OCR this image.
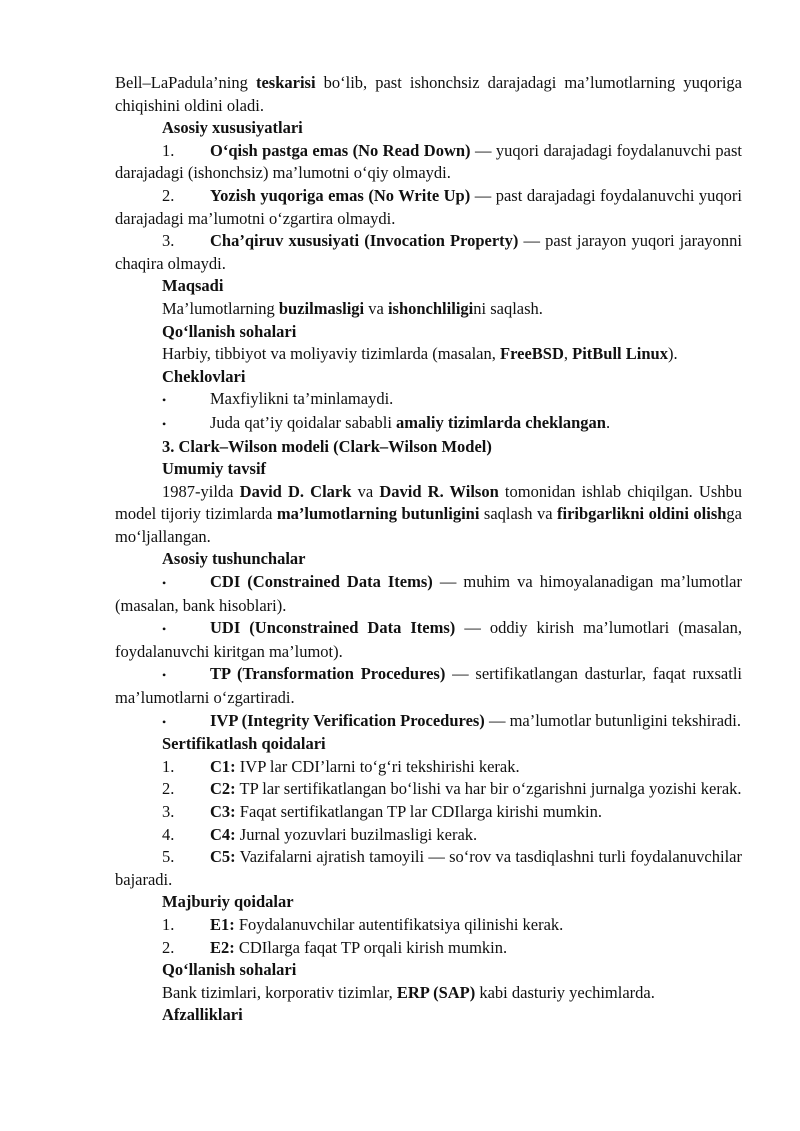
Bell–LaPadula’ning teskarisi bo‘lib, past ishonchsiz darajadagi ma’lumotlarning yuqoriga chiqishini oldini oladi.

Asosiy xususiyatlari

1. O‘qish pastga emas (No Read Down) — yuqori darajadagi foydalanuvchi past darajadagi (ishonchsiz) ma’lumotni o‘qiy olmaydi.

2. Yozish yuqoriga emas (No Write Up) — past darajadagi foydalanuvchi yuqori darajadagi ma’lumotni o‘zgartira olmaydi.

3. Cha’qiruv xususiyati (Invocation Property) — past jarayon yuqori jarayonni chaqira olmaydi.

Maqsadi

Ma’lumotlarning buzilmasligi va ishonchliligini saqlash.

Qo‘llanish sohalari

Harbiy, tibbiyot va moliyaviy tizimlarda (masalan, FreeBSD, PitBull Linux).

Cheklovlari

•	Maxfiylikni ta’minlamaydi.

•	Juda qat’iy qoidalar sababli amaliy tizimlarda cheklangan.

3. Clark–Wilson modeli (Clark–Wilson Model)

Umumiy tavsif

1987-yilda David D. Clark va David R. Wilson tomonidan ishlab chiqilgan. Ushbu model tijoriy tizimlarda ma’lumotlarning butunligini saqlash va firibgarlikni oldini olishga mo‘ljallangan.

Asosiy tushunchalar

•	CDI (Constrained Data Items) — muhim va himoyalanadigan ma’lumotlar (masalan, bank hisoblari).

•	UDI (Unconstrained Data Items) — oddiy kirish ma’lumotlari (masalan, foydalanuvchi kiritgan ma’lumot).

•	TP (Transformation Procedures) — sertifikatlangan dasturlar, faqat ruxsatli ma’lumotlarni o‘zgartiradi.

•	IVP (Integrity Verification Procedures) — ma’lumotlar butunligini tekshiradi.

Sertifikatlash qoidalari

1. C1: IVP lar CDI’larni to‘g‘ri tekshirishi kerak.

2. C2: TP lar sertifikatlangan bo‘lishi va har bir o‘zgarishni jurnalga yozishi kerak.

3. C3: Faqat sertifikatlangan TP lar CDIlarga kirishi mumkin.

4. C4: Jurnal yozuvlari buzilmasligi kerak.

5. C5: Vazifalarni ajratish tamoyili — so‘rov va tasdiqlashni turli foydalanuvchilar bajaradi.

Majburiy qoidalar

1. E1: Foydalanuvchilar autentifikatsiya qilinishi kerak.

2. E2: CDIlarga faqat TP orqali kirish mumkin.

Qo‘llanish sohalari

Bank tizimlari, korporativ tizimlar, ERP (SAP) kabi dasturiy yechimlarda.

Afzalliklari
